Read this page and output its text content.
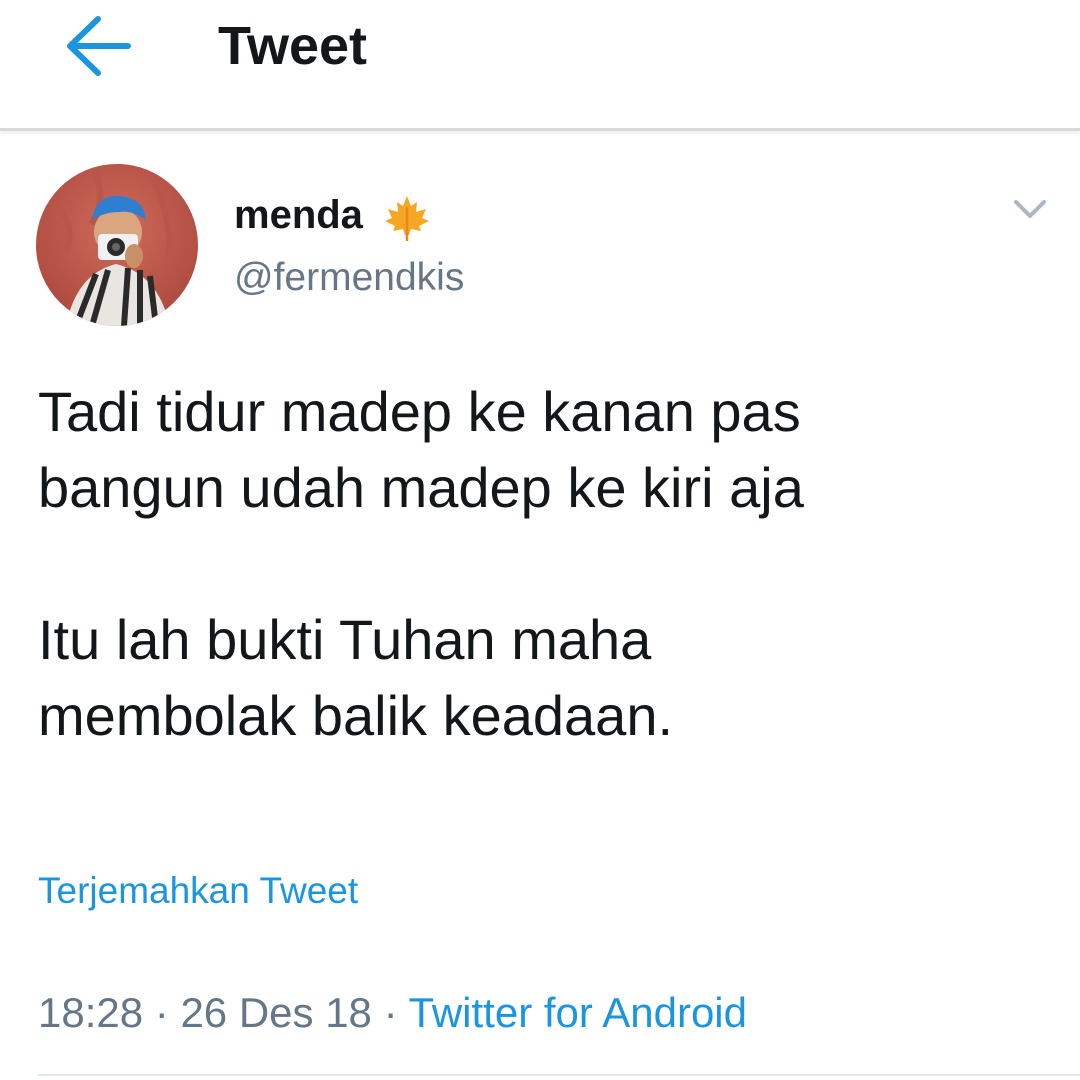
Tweet
menda
@fermendkis

Tadi tidur madep ke kanan pas
bangun udah madep ke kiri aja

Itu lah bukti Tuhan maha
membolak balik keadaan.

Terjemahkan Tweet
18:28 · 26 Des 18 · Twitter for Android
